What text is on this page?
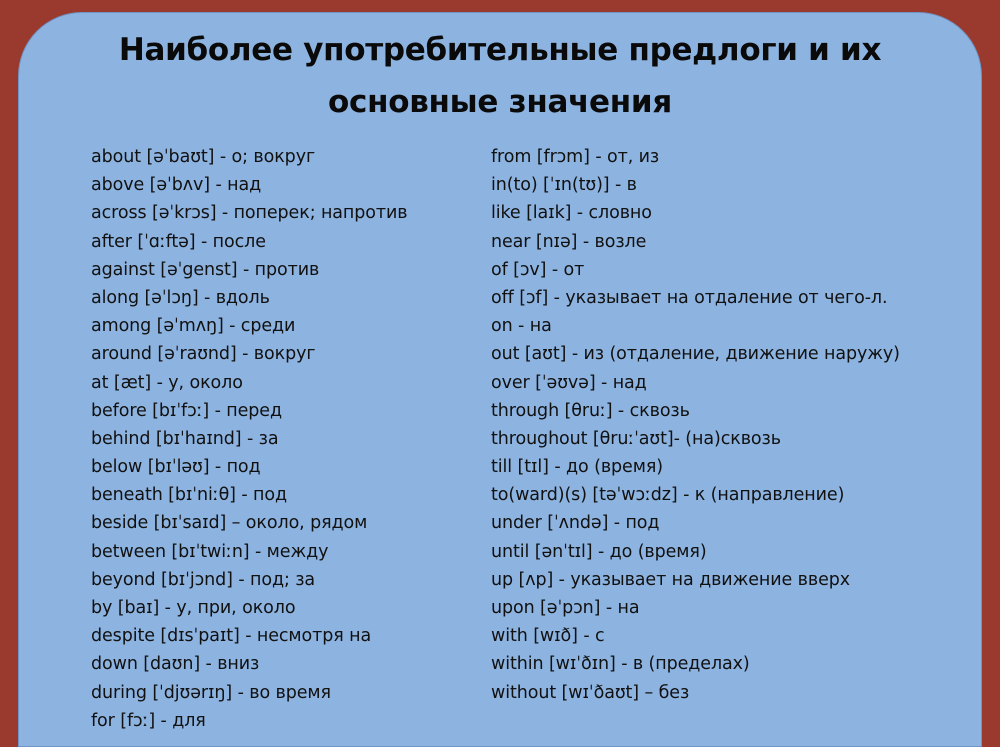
Наиболее употребительные предлоги и их
основные значения
about [əˈbaʊt] - о; вокруг
above [əˈbʌv] - над
across [əˈkrɔs] - поперек; напротив
after [ˈɑːftə] - после
against [əˈgenst] - против
along [əˈlɔŋ] - вдоль
among [əˈmʌŋ] - среди
around [əˈraʊnd] - вокруг
at [æt] - у, около
before [bɪˈfɔː] - перед
behind [bɪˈhaɪnd] - за
below [bɪˈləʊ] - под
beneath [bɪˈniːθ] - под
beside [bɪˈsaɪd] – около, рядом
between [bɪˈtwiːn] - между
beyond [bɪˈjɔnd] - под; за
by [baɪ] - у, при, около
despite [dɪsˈpaɪt] - несмотря на
down [daʊn] - вниз
during [ˈdjʊərɪŋ] - во время
for [fɔː] - для
from [frɔm] - от, из
in(to) [ˈɪn(tʊ)] - в
like [laɪk] - словно
near [nɪə] - возле
of [ɔv] - от
off [ɔf] - указывает на отдаление от чего-л.
on - на
out [aʊt] - из (отдаление, движение наружу)
over [ˈəʊvə] - над
through [θruː] - сквозь
throughout [θruːˈaʊt]- (на)сквозь
till [tɪl] - до (время)
to(ward)(s) [təˈwɔːdz] - к (направление)
under [ˈʌndə] - под
until [ənˈtɪl] - до (время)
up [ʌp] - указывает на движение вверх
upon [əˈpɔn] - на
with [wɪð] - с
within [wɪˈðɪn] - в (пределах)
without [wɪˈðaʊt] – без
